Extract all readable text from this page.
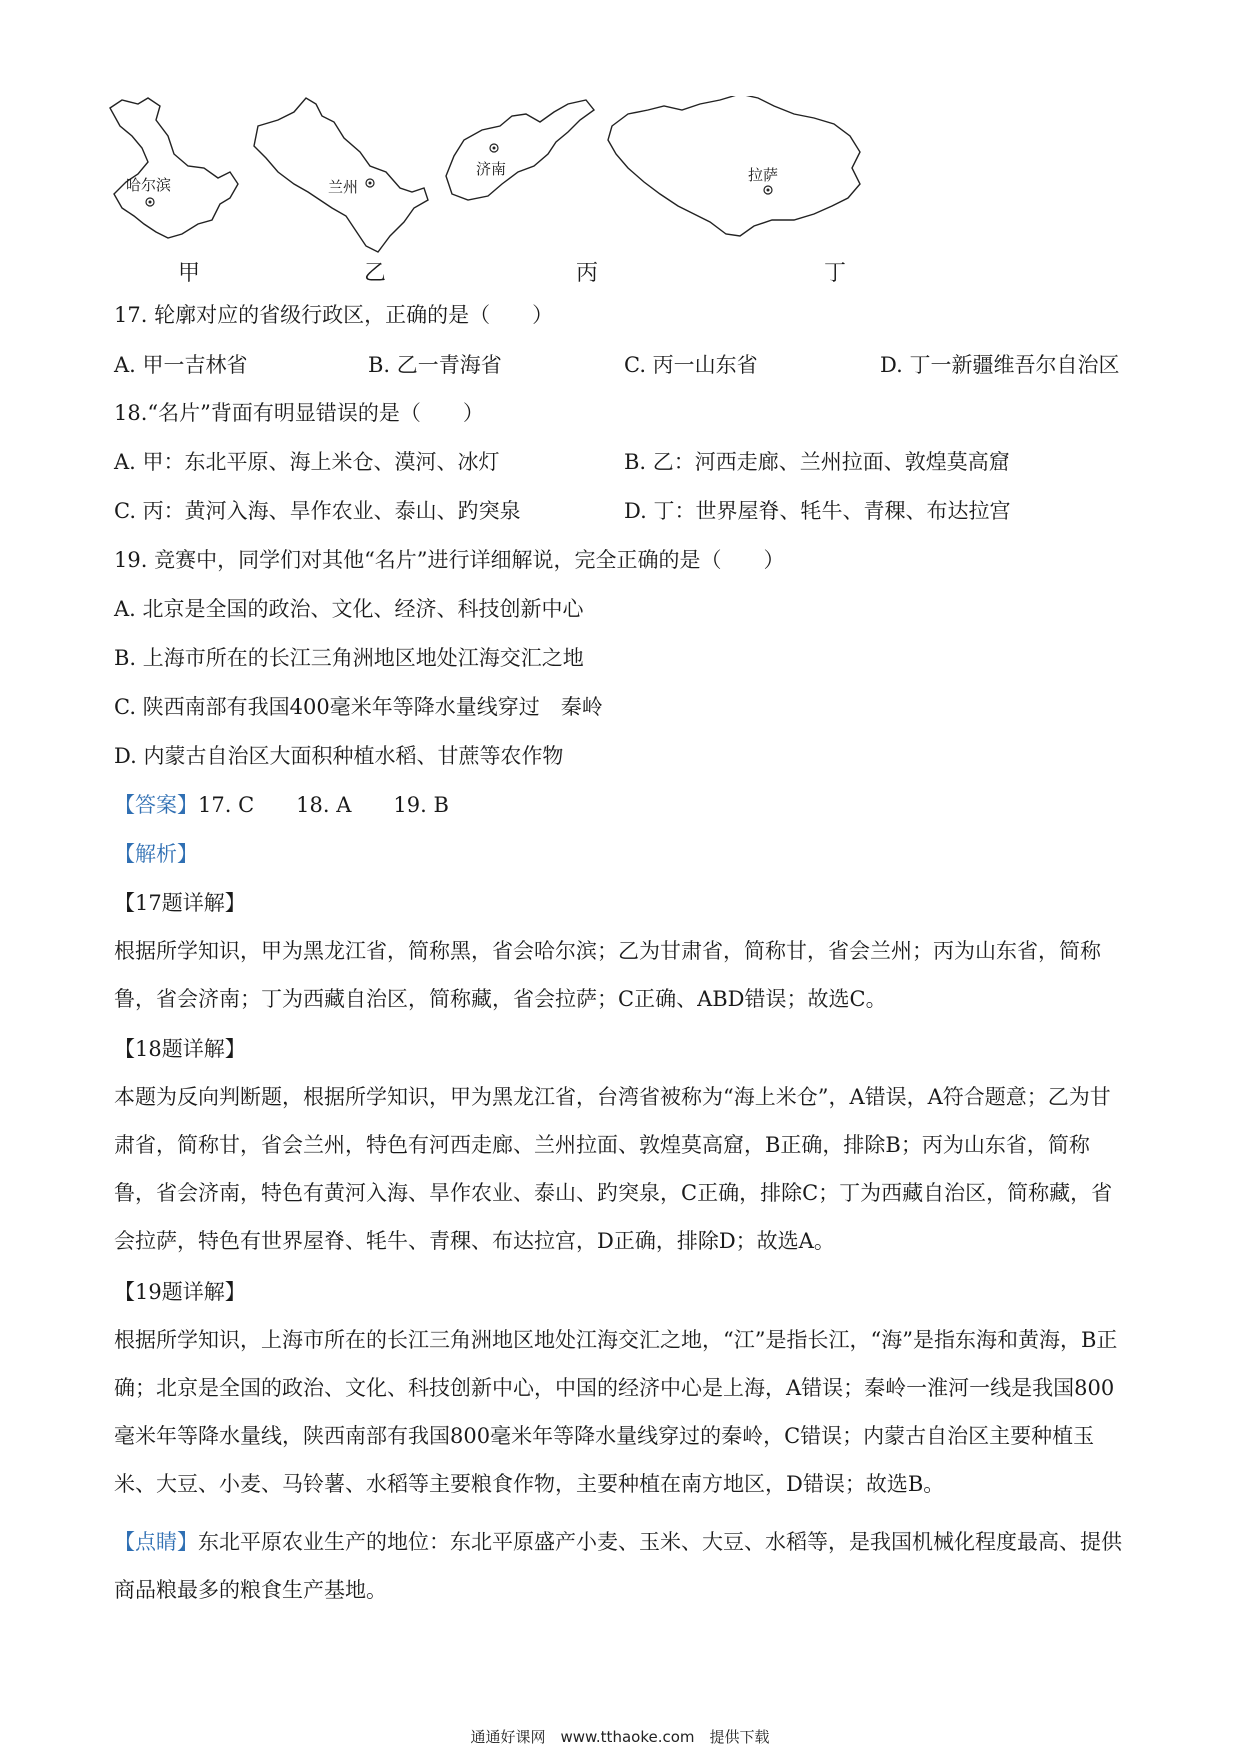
哈尔滨	兰州
济南	拉萨
甲	乙	丙	丁
17. 轮廓对应的省级行政区，正确的是（　　）
A. 甲一吉林省	B. 乙一青海省	C. 丙一山东省	D. 丁一新疆维吾尔自治区
18.“名片”背面有明显错误的是（　　）
A. 甲：东北平原、海上米仓、漠河、冰灯	B. 乙：河西走廊、兰州拉面、敦煌莫高窟
C. 丙：黄河入海、旱作农业、泰山、趵突泉	D. 丁：世界屋脊、牦牛、青稞、布达拉宫
19. 竞赛中，同学们对其他“名片”进行详细解说，完全正确的是（　　）
A. 北京是全国的政治、文化、经济、科技创新中心
B. 上海市所在的长江三角洲地区地处江海交汇之地
C. 陕西南部有我国400毫米年等降水量线穿过　秦岭
D. 内蒙古自治区大面积种植水稻、甘蔗等农作物
【答案】17. C　　18. A　　19. B
【解析】
【17题详解】
根据所学知识，甲为黑龙江省，简称黑，省会哈尔滨；乙为甘肃省，简称甘，省会兰州；丙为山东省，简称鲁，省会济南；丁为西藏自治区，简称藏，省会拉萨；C正确、ABD错误；故选C。
【18题详解】
本题为反向判断题，根据所学知识，甲为黑龙江省，台湾省被称为“海上米仓”，A错误，A符合题意；乙为甘肃省，简称甘，省会兰州，特色有河西走廊、兰州拉面、敦煌莫高窟，B正确，排除B；丙为山东省，简称鲁，省会济南，特色有黄河入海、旱作农业、泰山、趵突泉，C正确，排除C；丁为西藏自治区，简称藏，省会拉萨，特色有世界屋脊、牦牛、青稞、布达拉宫，D正确，排除D；故选A。
【19题详解】
根据所学知识，上海市所在的长江三角洲地区地处江海交汇之地，“江”是指长江，“海”是指东海和黄海，B正确；北京是全国的政治、文化、科技创新中心，中国的经济中心是上海，A错误；秦岭一淮河一线是我国800毫米年等降水量线，陕西南部有我国800毫米年等降水量线穿过的秦岭，C错误；内蒙古自治区主要种植玉米、大豆、小麦、马铃薯、水稻等主要粮食作物，主要种植在南方地区，D错误；故选B。
【点睛】东北平原农业生产的地位：东北平原盛产小麦、玉米、大豆、水稻等，是我国机械化程度最高、提供商品粮最多的粮食生产基地。
通通好课网　www.tthaoke.com　提供下载
